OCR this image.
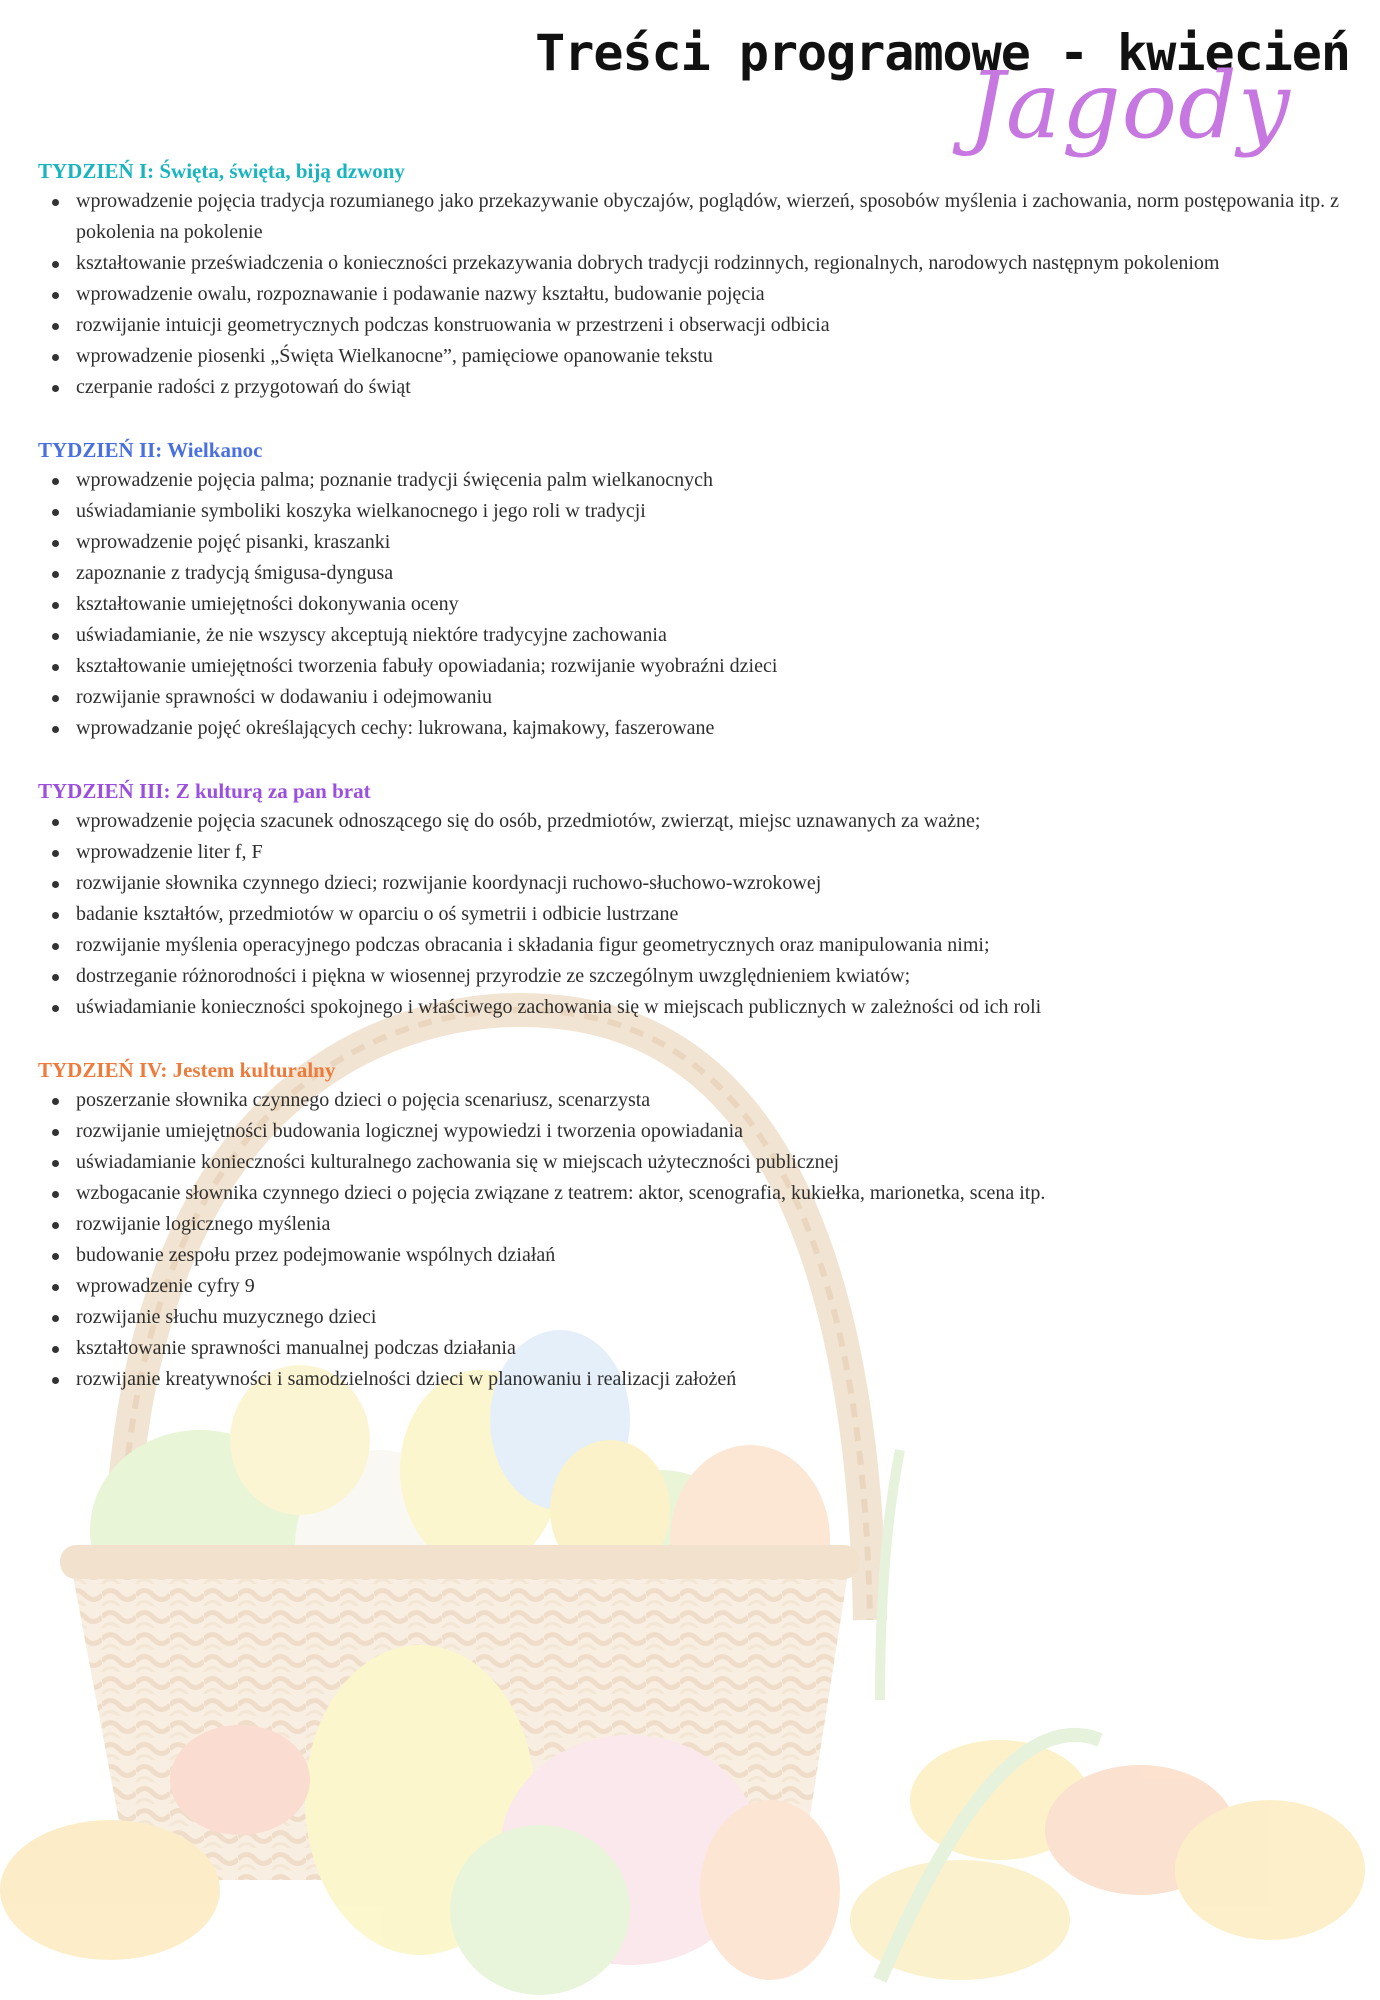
Treści programowe - kwiecień
Jagody
TYDZIEŃ I: Święta, święta, biją dzwony
wprowadzenie pojęcia tradycja rozumianego jako przekazywanie obyczajów, poglądów, wierzeń, sposobów myślenia i zachowania, norm postępowania itp. z pokolenia na pokolenie
kształtowanie przeświadczenia o konieczności przekazywania dobrych tradycji rodzinnych, regionalnych, narodowych następnym pokoleniom
wprowadzenie owalu, rozpoznawanie i podawanie nazwy kształtu, budowanie pojęcia
rozwijanie intuicji geometrycznych podczas konstruowania w przestrzeni i obserwacji odbicia
wprowadzenie piosenki „Święta Wielkanocne”, pamięciowe opanowanie tekstu
czerpanie radości z przygotowań do świąt
TYDZIEŃ II: Wielkanoc
wprowadzenie pojęcia palma; poznanie tradycji święcenia palm wielkanocnych
uświadamianie symboliki koszyka wielkanocnego i jego roli w tradycji
wprowadzenie pojęć pisanki, kraszanki
zapoznanie z tradycją śmigusa-dyngusa
kształtowanie umiejętności dokonywania oceny
uświadamianie, że nie wszyscy akceptują niektóre tradycyjne zachowania
kształtowanie umiejętności tworzenia fabuły opowiadania; rozwijanie wyobraźni dzieci
rozwijanie sprawności w dodawaniu i odejmowaniu
wprowadzanie pojęć określających cechy: lukrowana, kajmakowy, faszerowane
TYDZIEŃ III: Z kulturą za pan brat
wprowadzenie pojęcia szacunek odnoszącego się do osób, przedmiotów, zwierząt, miejsc uznawanych za ważne;
wprowadzenie liter f, F
rozwijanie słownika czynnego dzieci; rozwijanie koordynacji ruchowo-słuchowo-wzrokowej
badanie kształtów, przedmiotów w oparciu o oś symetrii i odbicie lustrzane
rozwijanie myślenia operacyjnego podczas obracania i składania figur geometrycznych oraz manipulowania nimi;
dostrzeganie różnorodności i piękna w wiosennej przyrodzie ze szczególnym uwzględnieniem kwiatów;
uświadamianie konieczności spokojnego i właściwego zachowania się w miejscach publicznych w zależności od ich roli
TYDZIEŃ IV: Jestem kulturalny
poszerzanie słownika czynnego dzieci o pojęcia scenariusz, scenarzysta
rozwijanie umiejętności budowania logicznej wypowiedzi i tworzenia opowiadania
uświadamianie konieczności kulturalnego zachowania się w miejscach użyteczności publicznej
wzbogacanie słownika czynnego dzieci o pojęcia związane z teatrem: aktor, scenografia, kukiełka, marionetka, scena itp.
rozwijanie logicznego myślenia
budowanie zespołu przez podejmowanie wspólnych działań
wprowadzenie cyfry 9
rozwijanie słuchu muzycznego dzieci
kształtowanie sprawności manualnej podczas działania
rozwijanie kreatywności i samodzielności dzieci w planowaniu i realizacji założeń
